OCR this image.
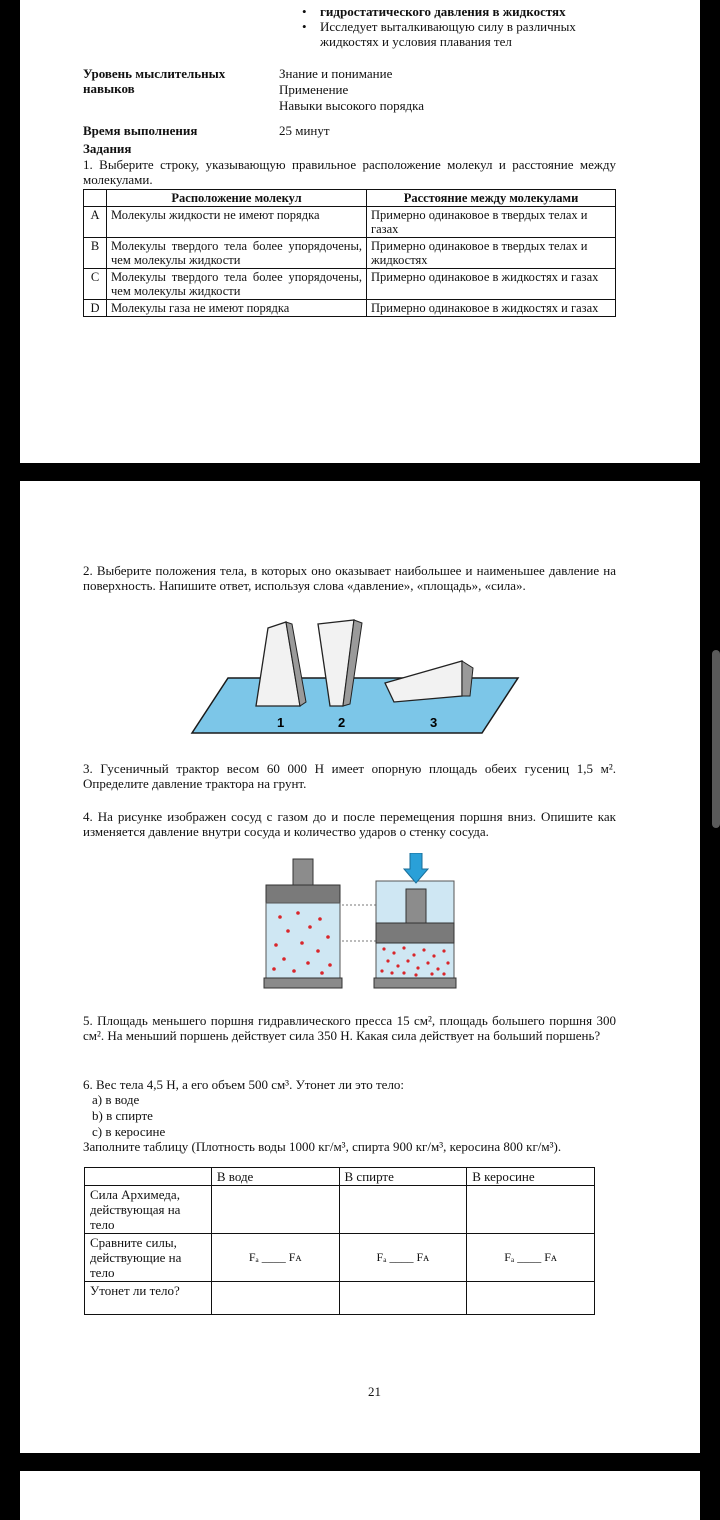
• гидростатического давления в жидкостях
• Исследует выталкивающую силу в различных жидкостях и условия плавания тел
Уровень мыслительных навыков
Знание и понимание
Применение
Навыки высокого порядка
Время выполнения	25 минут
Задания
1. Выберите строку, указывающую правильное расположение молекул и расстояние между молекулами.
	Расположение молекул	Расстояние между молекулами
A	Молекулы жидкости не имеют порядка	Примерно одинаковое в твердых телах и газах
B	Молекулы твердого тела более упорядочены, чем молекулы жидкости	Примерно одинаковое в твердых телах и жидкостях
C	Молекулы твердого тела более упорядочены, чем молекулы жидкости	Примерно одинаковое в жидкостях и газах
D	Молекулы газа не имеют порядка	Примерно одинаковое в жидкостях и газах
2. Выберите положения тела, в которых оно оказывает наибольшее и наименьшее давление на поверхность. Напишите ответ, используя слова «давление», «площадь», «сила».
1	2	3
3. Гусеничный трактор весом 60 000 Н имеет опорную площадь обеих гусениц 1,5 м². Определите давление трактора на грунт.
4. На рисунке изображен сосуд с газом до и после перемещения поршня вниз. Опишите как изменяется давление внутри сосуда и количество ударов о стенку сосуда.
5. Площадь меньшего поршня гидравлического пресса 15 см², площадь большего поршня 300 см². На меньший поршень действует сила 350 Н. Какая сила действует на больший поршень?
6. Вес тела 4,5 Н, а его объем 500 см³. Утонет ли это тело:
a) в воде
b) в спирте
c) в керосине
Заполните таблицу (Плотность воды 1000 кг/м³, спирта 900 кг/м³, керосина 800 кг/м³).
	В воде	В спирте	В керосине
Сила Архимеда, действующая на тело			
Сравните силы, действующие на тело	Fₐ ____ Fᴀ	Fₐ ____ Fᴀ	Fₐ ____ Fᴀ
Утонет ли тело?			
21
